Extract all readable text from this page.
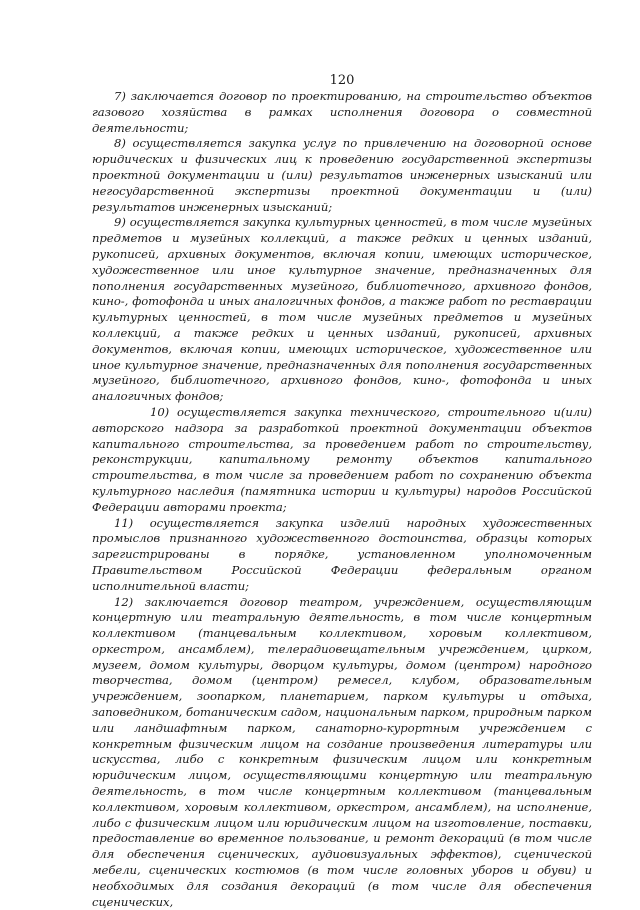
120

7) заключается договор по проектированию, на строительство объектов газового хозяйства в рамках исполнения договора о совместной деятельности;

8) осуществляется закупка услуг по привлечению на договорной основе юридических и физических лиц к проведению государственной экспертизы проектной документации и (или) результатов инженерных изысканий или негосударственной экспертизы проектной документации и (или) результатов инженерных изысканий;

9) осуществляется закупка культурных ценностей, в том числе музейных предметов и музейных коллекций, а также редких и ценных изданий, рукописей, архивных документов, включая копии, имеющих историческое, художественное или иное культурное значение, предназначенных для пополнения государственных музейного, библиотечного, архивного фондов, кино-, фотофонда и иных аналогичных фондов, а также работ по реставрации культурных ценностей, в том числе музейных предметов и музейных коллекций, а также редких и ценных изданий, рукописей, архивных документов, включая копии, имеющих историческое, художественное или иное культурное значение, предназначенных для пополнения государственных музейного, библиотечного, архивного фондов, кино-, фотофонда и иных аналогичных фондов;

10) осуществляется закупка технического, строительного и(или) авторского надзора за разработкой проектной документации объектов капитального строительства, за проведением работ по строительству, реконструкции, капитальному ремонту объектов капитального строительства, в том числе за проведением работ по сохранению объекта культурного наследия (памятника истории и культуры) народов Российской Федерации авторами проекта;

11) осуществляется закупка изделий народных художественных промыслов признанного художественного достоинства, образцы которых зарегистрированы в порядке, установленном уполномоченным Правительством Российской Федерации федеральным органом исполнительной власти;

12) заключается договор театром, учреждением, осуществляющим концертную или театральную деятельность, в том числе концертным коллективом (танцевальным коллективом, хоровым коллективом, оркестром, ансамблем), телерадиовещательным учреждением, цирком, музеем, домом культуры, дворцом культуры, домом (центром) народного творчества, домом (центром) ремесел, клубом, образовательным учреждением, зоопарком, планетарием, парком культуры и отдыха, заповедником, ботаническим садом, национальным парком, природным парком или ландшафтным парком, санаторно-курортным учреждением с конкретным физическим лицом на создание произведения литературы или искусства, либо с конкретным физическим лицом или конкретным юридическим лицом, осуществляющими концертную или театральную деятельность, в том числе концертным коллективом (танцевальным коллективом, хоровым коллективом, оркестром, ансамблем), на исполнение, либо с физическим лицом или юридическим лицом на изготовление, поставки, предоставление во временное пользование, и ремонт декораций (в том числе для обеспечения сценических, аудиовизуальных эффектов), сценической мебели, сценических костюмов (в том числе головных уборов и обуви) и необходимых для создания декораций (в том числе для обеспечения сценических,
